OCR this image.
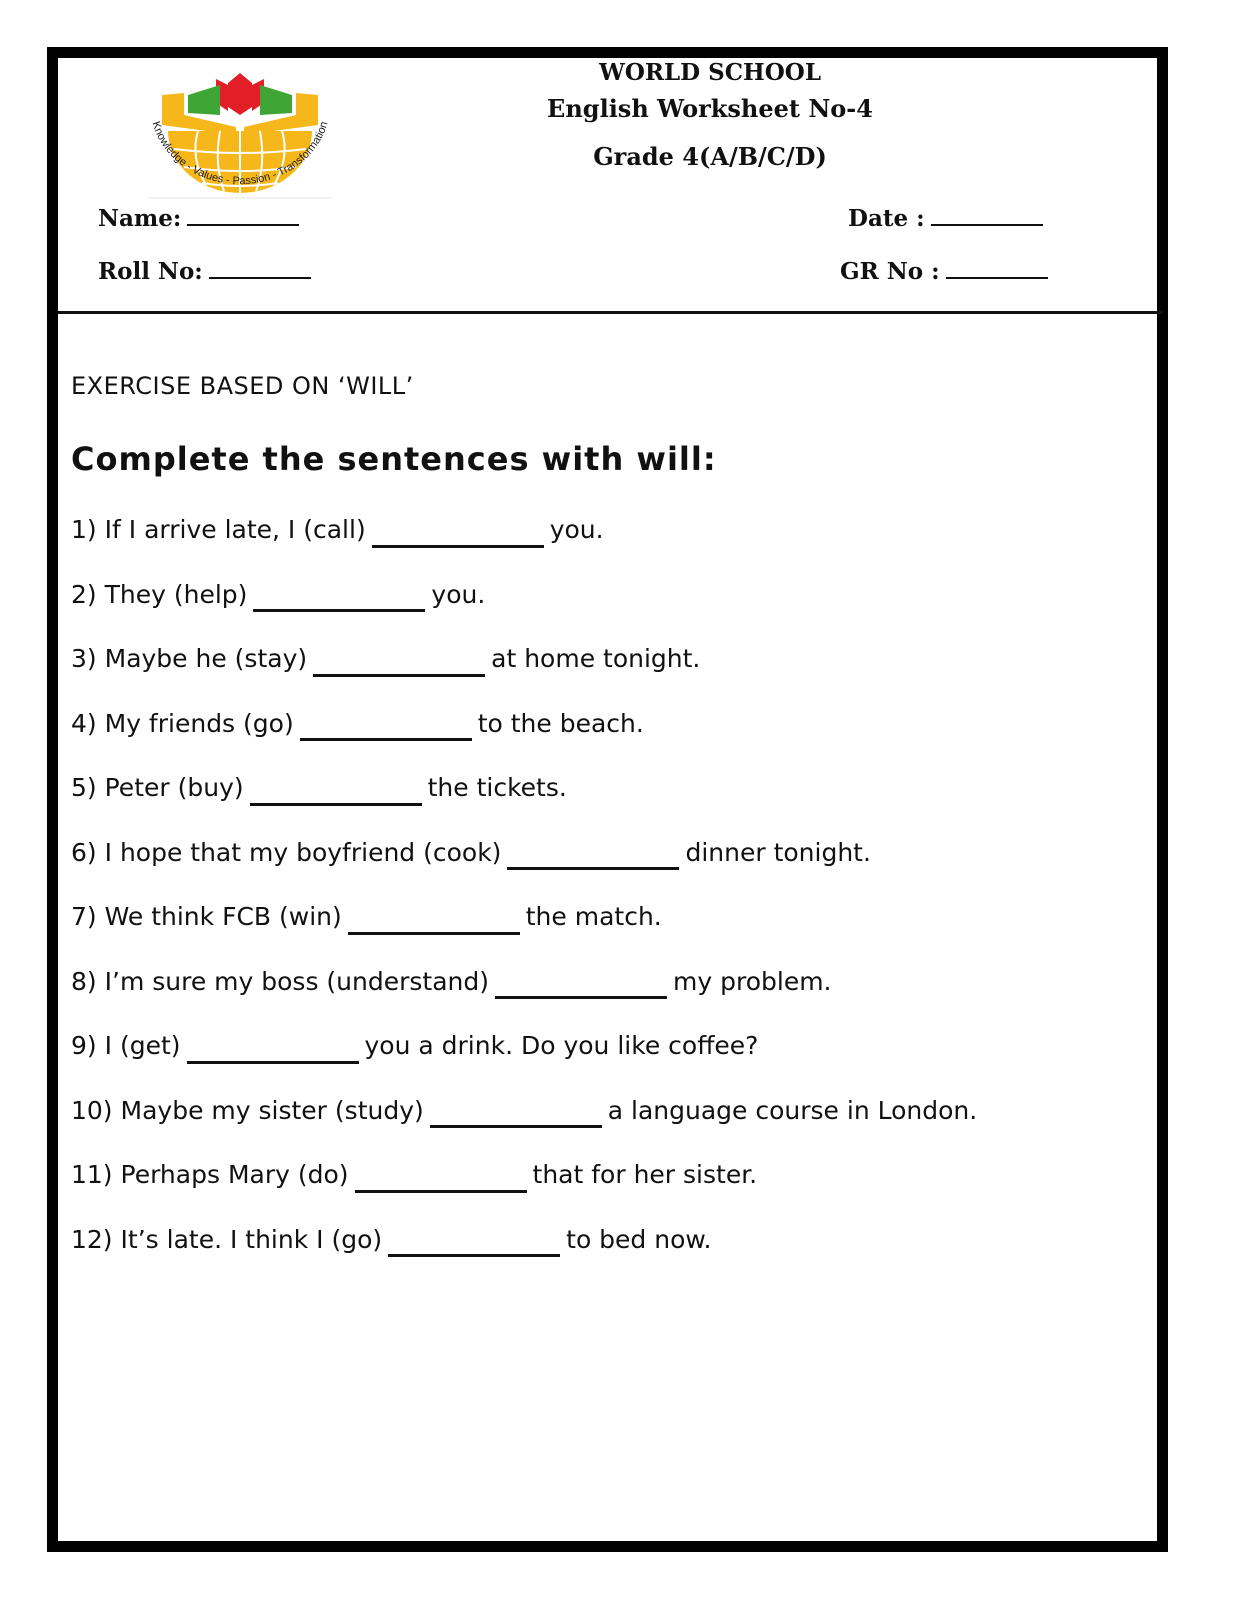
Knowledge - Values - Passion - Transformation
WORLD SCHOOL
English Worksheet No-4
Grade 4(A/B/C/D)
Name:
Roll No:
Date :
GR No :
EXERCISE BASED ON ‘WILL’
Complete the sentences with will:
1) If I arrive late, I (call)	you.
2) They (help)	you.
3) Maybe he (stay)	at home tonight.
4) My friends (go)	to the beach.
5) Peter (buy)	the tickets.
6) I hope that my boyfriend (cook)	dinner tonight.
7) We think FCB (win)	the match.
8) I’m sure my boss (understand)	my problem.
9) I (get)	you a drink. Do you like coffee?
10) Maybe my sister (study)	a language course in London.
11) Perhaps Mary (do)	that for her sister.
12) It’s late. I think I (go)	to bed now.
